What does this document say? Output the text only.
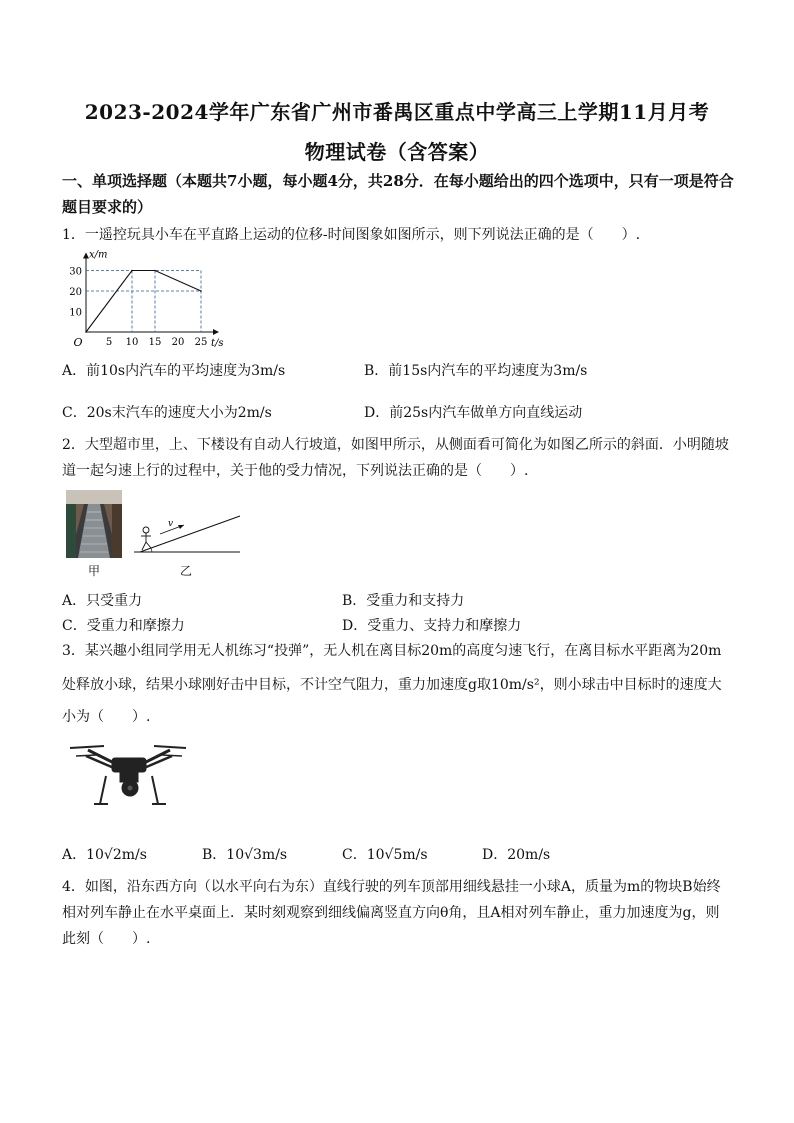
2023-2024学年广东省广州市番禺区重点中学高三上学期11月月考
物理试卷（含答案）
一、单项选择题（本题共7小题，每小题4分，共28分．在每小题给出的四个选项中，只有一项是符合题目要求的）
1．一遥控玩具小车在平直路上运动的位移-时间图象如图所示，则下列说法正确的是（　　）.
5 10 15 20 25
10
20
30
O	t/s
x/m
A．前10s内汽车的平均速度为3m/s	B．前15s内汽车的平均速度为3m/s
C．20s末汽车的速度大小为2m/s	D．前25s内汽车做单方向直线运动
2．大型超市里，上、下楼设有自动人行坡道，如图甲所示，从侧面看可简化为如图乙所示的斜面．小明随坡道一起匀速上行的过程中，关于他的受力情况，下列说法正确的是（　　）.
v
甲	乙
A．只受重力	B．受重力和支持力
C．受重力和摩擦力	D．受重力、支持力和摩擦力
3．某兴趣小组同学用无人机练习“投弹”，无人机在离目标20m的高度匀速飞行，在离目标水平距离为20m
处释放小球，结果小球刚好击中目标，不计空气阻力，重力加速度g取10m/s²，则小球击中目标时的速度大
小为（　　）.
A．10√2m/s	B．10√3m/s	C．10√5m/s	D．20m/s
4．如图，沿东西方向（以水平向右为东）直线行驶的列车顶部用细线悬挂一小球A，质量为m的物块B始终
相对列车静止在水平桌面上．某时刻观察到细线偏离竖直方向θ角，且A相对列车静止，重力加速度为g，则
此刻（　　）.
